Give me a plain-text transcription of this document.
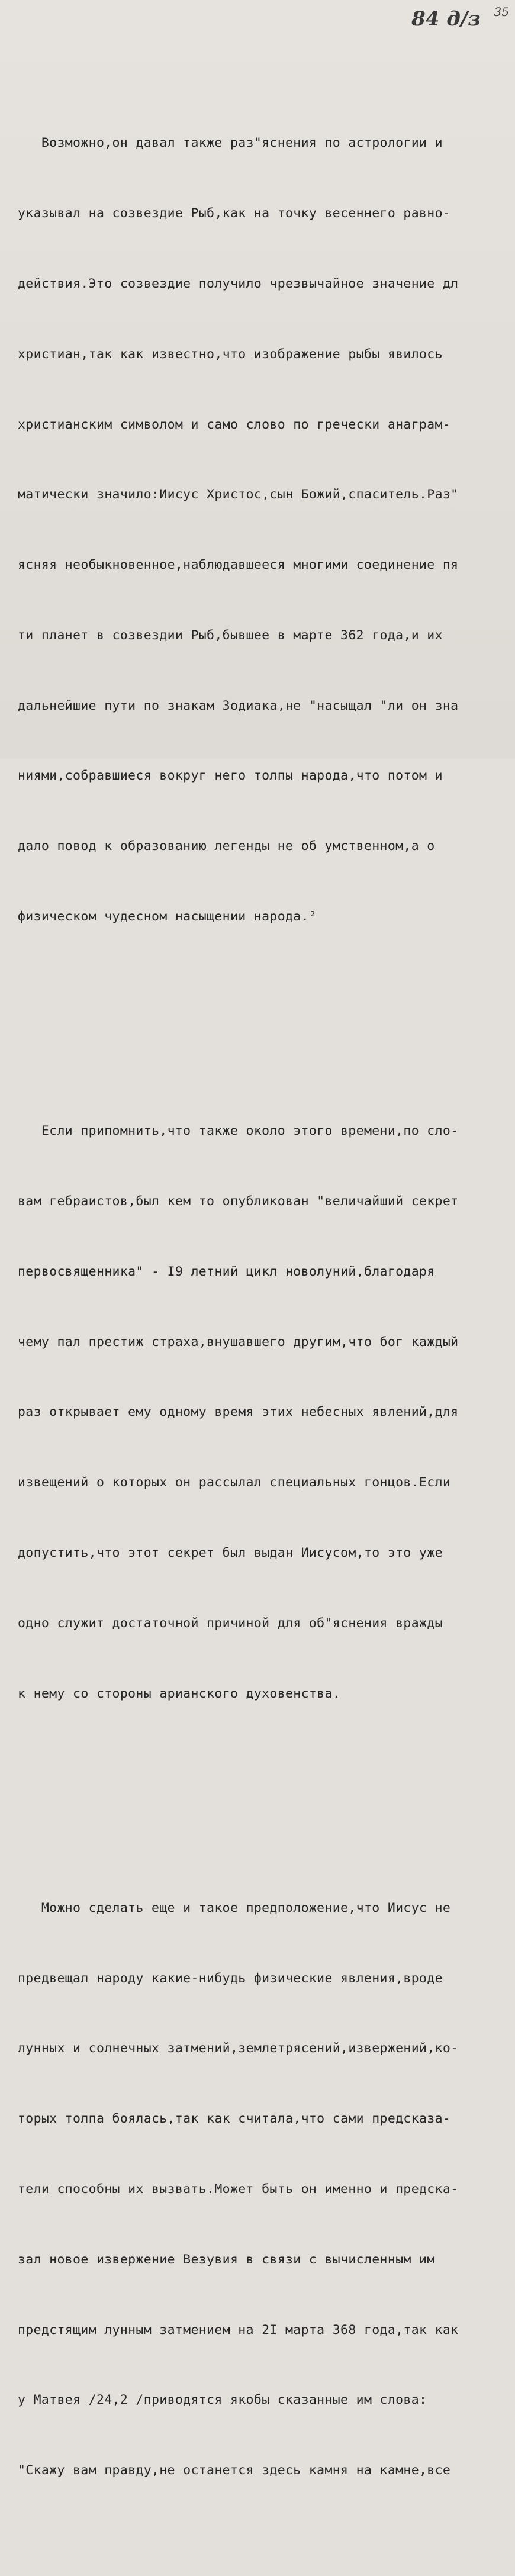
84 д/з 35

Возможно,он давал также раз"яснения по астрологии и

указывал на созвездие Рыб,как на точку весеннего равно-

действия.Это созвездие получило чрезвычайное значение дл

христиан,так как известно,что изображение рыбы явилось

христианским символом и само слово по гречески анаграм-

матически значило:Иисус Христос,сын Божий,спаситель.Раз"

ясняя необыкновенное,наблюдавшееся многими соединение пя

ти планет в созвездии Рыб,бывшее в марте 362 года,и их

дальнейшие пути по знакам Зодиака,не "насыщал "ли он зна

ниями,собравшиеся вокруг него толпы народа,что потом и

дало повод к образованию легенды не об умственном,а о

физическом чудесном насыщении народа.²

Если припомнить,что также около этого времени,по сло-

вам гебраистов,был кем то опубликован "величайший секрет

первосвященника" - I9 летний цикл новолуний,благодаря

чему пал престиж страха,внушавшего другим,что бог каждый

раз открывает ему одному время этих небесных явлений,для

извещений о которых он рассылал специальных гонцов.Если

допустить,что этот секрет был выдан Иисусом,то это уже

одно служит достаточной причиной для об"яснения вражды

к нему со стороны арианского духовенства.

Можно сделать еще и такое предположение,что Иисус не

предвещал народу какие-нибудь физические явления,вроде

лунных и солнечных затмений,землетрясений,извержений,ко-

торых толпа боялась,так как считала,что сами предсказа-

тели способны их вызвать.Может быть он именно и предска-

зал новое извержение Везувия в связи с вычисленным им

предстящим лунным затмением на 2I марта 368 года,так как

у Матвея /24,2 /приводятся якобы сказанные им слова:

"Скажу вам правду,не останется здесь камня на камне,все
